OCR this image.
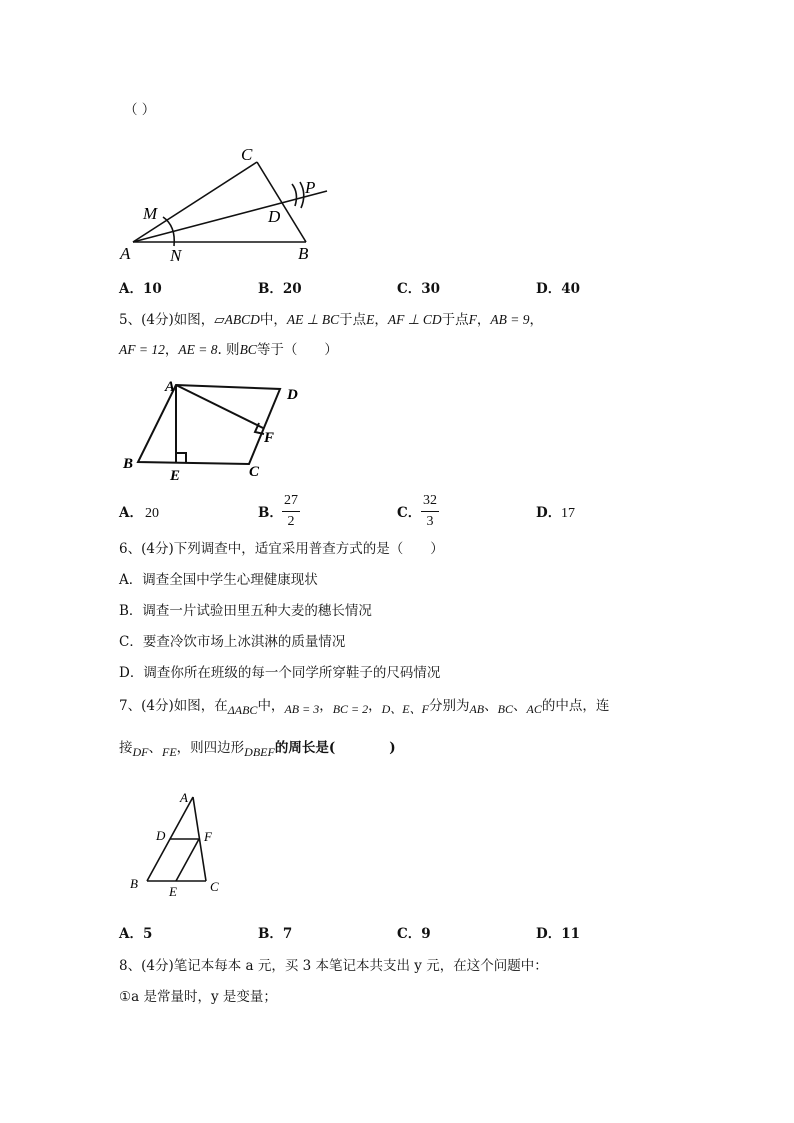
（ ）
C
P
M	D
A N	B
A．10	B．20	C．30	D．40
5、(4分)如图，▱ABCD中，AE ⊥ BC于点E，AF ⊥ CD于点F，AB = 9，
AF = 12，AE = 8. 则BC等于（　　）
A	D
F
B
E	C
A． 20	B． $\frac{27}{2}$	C． $\frac{32}{3}$	D． 17
6、(4分)下列调查中，适宜采用普查方式的是（　　）
A．调查全国中学生心理健康现状
B．调查一片试验田里五种大麦的穗长情况
C．要查冷饮市场上冰淇淋的质量情况
D．调查你所在班级的每一个同学所穿鞋子的尺码情况
7、(4分)如图，在ΔABC中，AB = 3，BC = 2，D、E、F分别为AB、BC、AC的中点，连
接DF、FE，则四边形DBEF的周长是(　　　　)
A
D	F
B
E	C
A．5	B．7	C．9	D．11
8、(4分)笔记本每本 a 元，买 3 本笔记本共支出 y 元，在这个问题中：
①a 是常量时，y 是变量；
